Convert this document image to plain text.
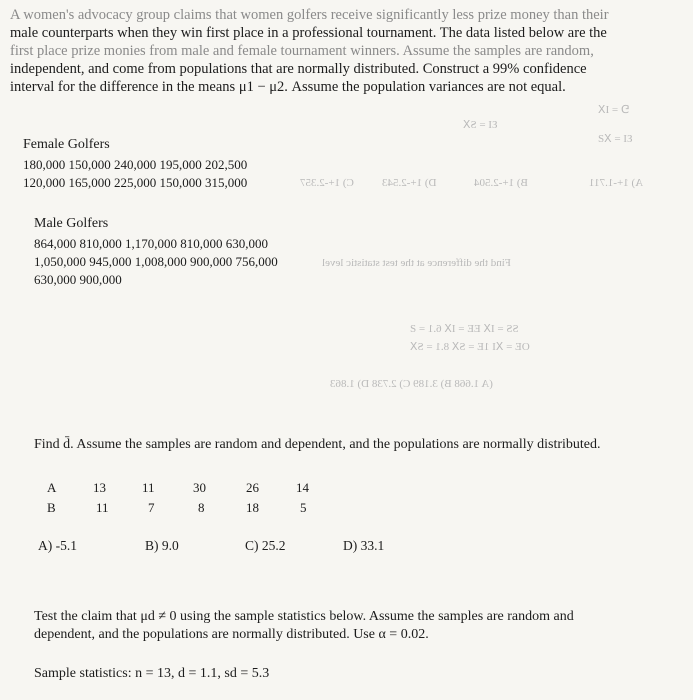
A women's advocacy group claims that women golfers receive significantly less prize money than their
male counterparts when they win first place in a professional tournament. The data listed below are the
first place prize monies from male and female tournament winners. Assume the samples are random,
independent, and come from populations that are normally distributed. Construct a 99% confidence
interval for the difference in the means μ1 − μ2. Assume the population variances are not equal.
ꓨ = Iꓫ
ƐI = Sꓫ
ƐI = ꓫƧ
Female Golfers
180,000 150,000 240,000 195,000 202,500
120,000 165,000 225,000 150,000 315,000	C) 1+-2.357	D) 1+-2.543	B) 1+-2.504	A) 1+-1.711
Male Golfers
864,000 810,000 1,170,000 810,000 630,000
1,050,000 945,000 1,008,000 900,000 756,000
630,000 900,000
Find the difference at the test statistic level
SS = Iꓫ EE = Iꓫ 6.1 = Ƨ
OE = ꓫI 1E = Sꓫ 8.1 = Sꓫ
(A 1.668 B) 3.189 C) 2.738 D) 1.863
Find d̄. Assume the samples are random and dependent, and the populations are normally distributed.
A	13	11	30	26	14
B	11	7	8	18	5
A) -5.1	B) 9.0	C) 25.2	D) 33.1
Test the claim that μd ≠ 0 using the sample statistics below. Assume the samples are random and
dependent, and the populations are normally distributed. Use α = 0.02.
Sample statistics: n = 13, d = 1.1, sd = 5.3
